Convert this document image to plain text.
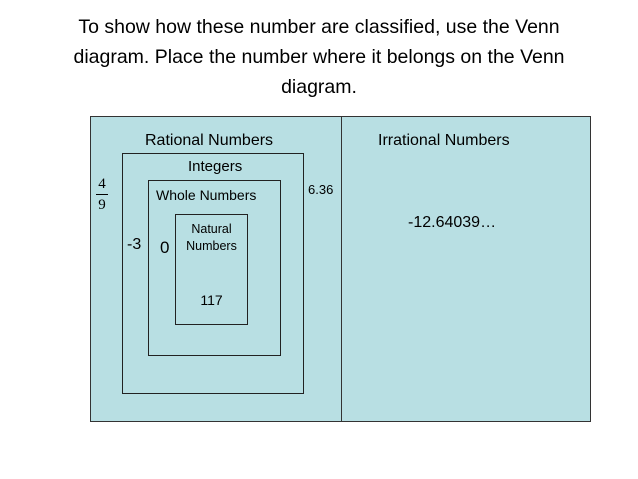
To show how these number are classified, use the Venn
diagram. Place the number where it belongs on the Venn
diagram.
Rational Numbers	Irrational Numbers
Integers
Whole Numbers
Natural
Numbers
4
9
6.36
-3 0
117
-12.64039…
